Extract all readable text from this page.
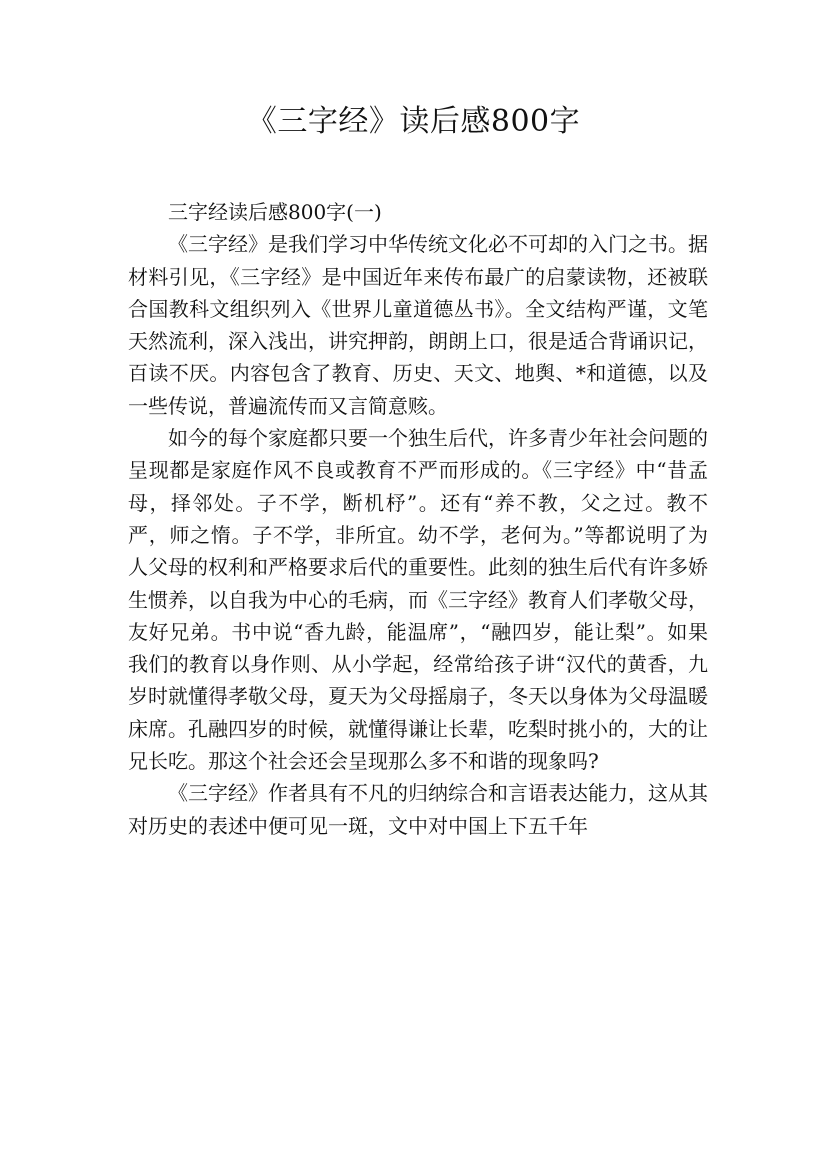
《三字经》读后感800字

三字经读后感800字(一)

《三字经》是我们学习中华传统文化必不可却的入门之书。据材料引见，《三字经》是中国近年来传布最广的启蒙读物，还被联合国教科文组织列入《世界儿童道德丛书》。全文结构严谨，文笔天然流利，深入浅出，讲究押韵，朗朗上口，很是适合背诵识记，百读不厌。内容包含了教育、历史、天文、地舆、*和道德，以及一些传说，普遍流传而又言简意赅。

如今的每个家庭都只要一个独生后代，许多青少年社会问题的呈现都是家庭作风不良或教育不严而形成的。《三字经》中“昔孟母，择邻处。子不学，断机杼”。还有“养不教，父之过。教不严，师之惰。子不学，非所宜。幼不学，老何为。”等都说明了为人父母的权利和严格要求后代的重要性。此刻的独生后代有许多娇生惯养，以自我为中心的毛病，而《三字经》教育人们孝敬父母，友好兄弟。书中说“香九龄，能温席”，“融四岁，能让梨”。如果我们的教育以身作则、从小学起，经常给孩子讲“汉代的黄香，九岁时就懂得孝敬父母，夏天为父母摇扇子，冬天以身体为父母温暖床席。孔融四岁的时候，就懂得谦让长辈，吃梨时挑小的，大的让兄长吃。那这个社会还会呈现那么多不和谐的现象吗?

《三字经》作者具有不凡的归纳综合和言语表达能力，这从其对历史的表述中便可见一斑，文中对中国上下五千年
